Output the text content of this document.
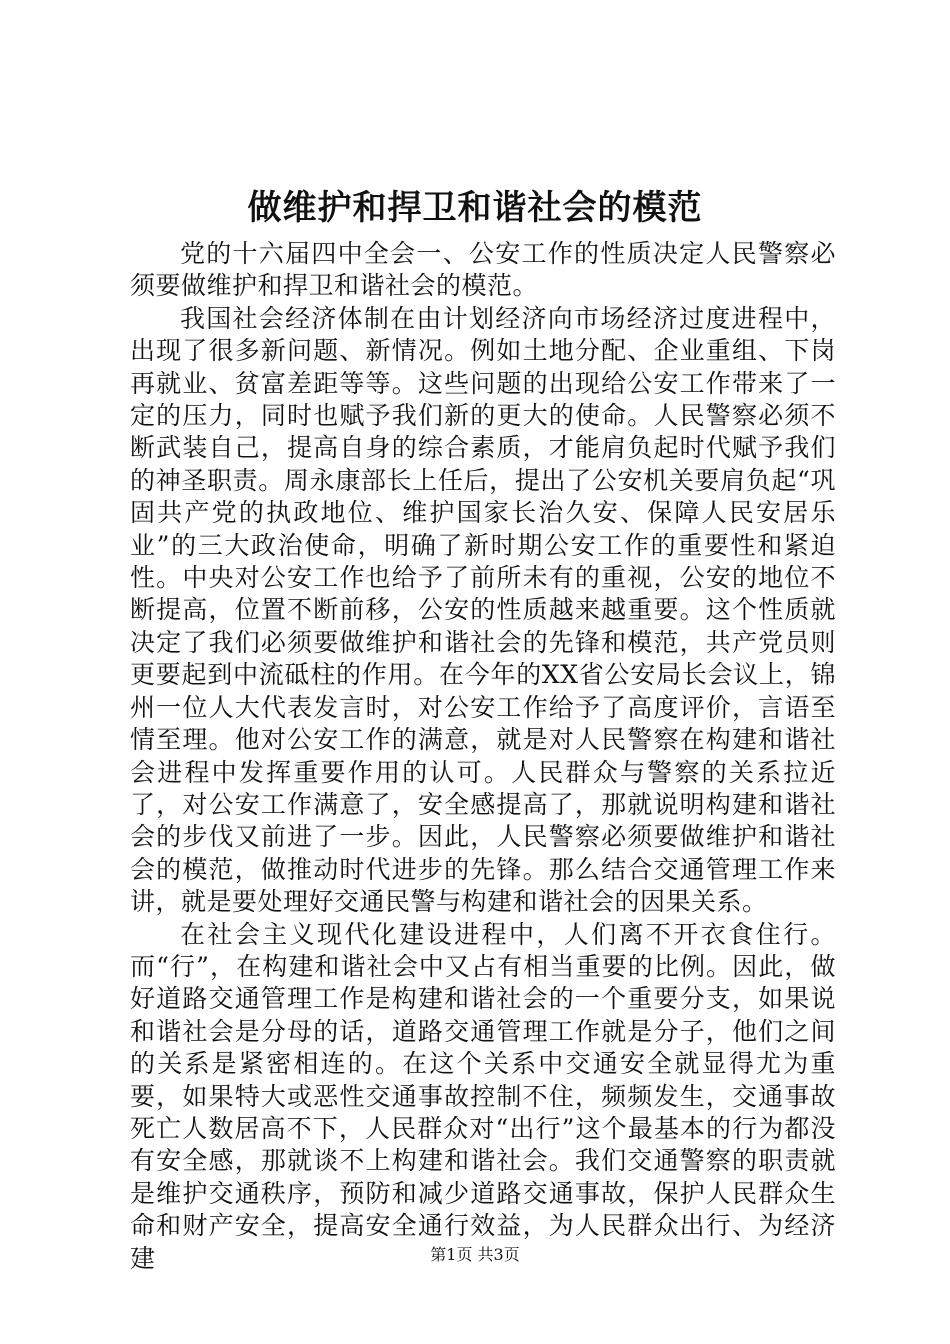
做维护和捍卫和谐社会的模范

党的十六届四中全会一、公安工作的性质决定人民警察必须要做维护和捍卫和谐社会的模范。

我国社会经济体制在由计划经济向市场经济过度进程中，出现了很多新问题、新情况。例如土地分配、企业重组、下岗再就业、贫富差距等等。这些问题的出现给公安工作带来了一定的压力，同时也赋予我们新的更大的使命。人民警察必须不断武装自己，提高自身的综合素质，才能肩负起时代赋予我们的神圣职责。周永康部长上任后，提出了公安机关要肩负起“巩固共产党的执政地位、维护国家长治久安、保障人民安居乐业”的三大政治使命，明确了新时期公安工作的重要性和紧迫性。中央对公安工作也给予了前所未有的重视，公安的地位不断提高，位置不断前移，公安的性质越来越重要。这个性质就决定了我们必须要做维护和谐社会的先锋和模范，共产党员则更要起到中流砥柱的作用。在今年的XX省公安局长会议上，锦州一位人大代表发言时，对公安工作给予了高度评价，言语至情至理。他对公安工作的满意，就是对人民警察在构建和谐社会进程中发挥重要作用的认可。人民群众与警察的关系拉近了，对公安工作满意了，安全感提高了，那就说明构建和谐社会的步伐又前进了一步。因此，人民警察必须要做维护和谐社会的模范，做推动时代进步的先锋。那么结合交通管理工作来讲，就是要处理好交通民警与构建和谐社会的因果关系。

在社会主义现代化建设进程中，人们离不开衣食住行。而“行”，在构建和谐社会中又占有相当重要的比例。因此，做好道路交通管理工作是构建和谐社会的一个重要分支，如果说和谐社会是分母的话，道路交通管理工作就是分子，他们之间的关系是紧密相连的。在这个关系中交通安全就显得尤为重要，如果特大或恶性交通事故控制不住，频频发生，交通事故死亡人数居高不下，人民群众对“出行”这个最基本的行为都没有安全感，那就谈不上构建和谐社会。我们交通警察的职责就是维护交通秩序，预防和减少道路交通事故，保护人民群众生命和财产安全，提高安全通行效益，为人民群众出行、为经济建	第1页 共3页
